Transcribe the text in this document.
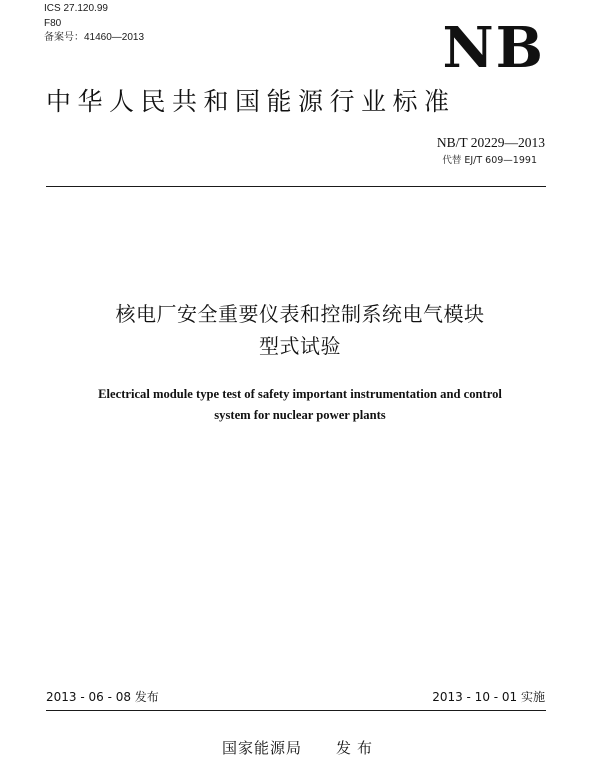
ICS 27.120.99
F80
备案号：41460—2013	NB
中华人民共和国能源行业标准
NB/T 20229—2013
代替 EJ/T 609—1991
核电厂安全重要仪表和控制系统电气模块
型式试验
Electrical module type test of safety important instrumentation and control
system for nuclear power plants
2013 - 06 - 08 发布	2013 - 10 - 01 实施
国家能源局 发布
